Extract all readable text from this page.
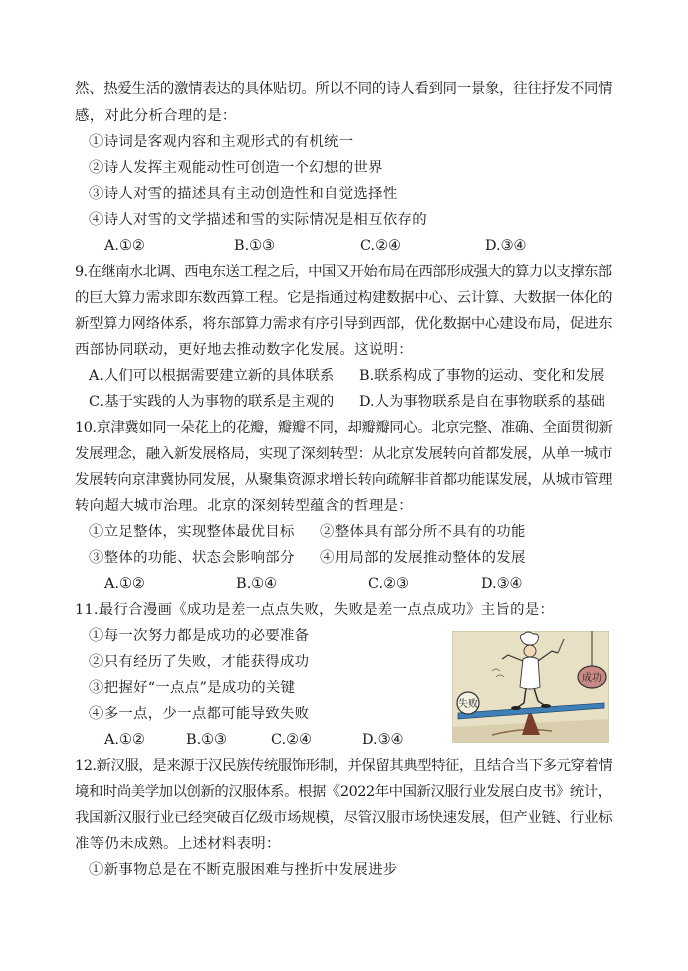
然、热爱生活的激情表达的具体贴切。所以不同的诗人看到同一景象，往往抒发不同情
感，对此分析合理的是：
①诗词是客观内容和主观形式的有机统一
②诗人发挥主观能动性可创造一个幻想的世界
③诗人对雪的描述具有主动创造性和自觉选择性
④诗人对雪的文学描述和雪的实际情况是相互依存的
A.①②	B.①③	C.②④	D.③④
9.在继南水北调、西电东送工程之后，中国又开始布局在西部形成强大的算力以支撑东部
的巨大算力需求即东数西算工程。它是指通过构建数据中心、云计算、大数据一体化的
新型算力网络体系，将东部算力需求有序引导到西部，优化数据中心建设布局，促进东
西部协同联动，更好地去推动数字化发展。这说明：
A.人们可以根据需要建立新的具体联系 B.联系构成了事物的运动、变化和发展
C.基于实践的人为事物的联系是主观的 D.人为事物联系是自在事物联系的基础
10.京津冀如同一朵花上的花瓣，瓣瓣不同，却瓣瓣同心。北京完整、准确、全面贯彻新
发展理念，融入新发展格局，实现了深刻转型：从北京发展转向首都发展，从单一城市
发展转向京津冀协同发展，从聚集资源求增长转向疏解非首都功能谋发展，从城市管理
转向超大城市治理。北京的深刻转型蕴含的哲理是：
①立足整体，实现整体最优目标 ②整体具有部分所不具有的功能
③整体的功能、状态会影响部分 ④用局部的发展推动整体的发展
A.①②	B.①④	C.②③	D.③④
11.最行合漫画《成功是差一点点失败，失败是差一点点成功》主旨的是：
①每一次努力都是成功的必要准备
②只有经历了失败，才能获得成功
③把握好“一点点”是成功的关键
④多一点，少一点都可能导致失败
A.①②	B.①③	C.②④	D.③④
失败
成功
12.新汉服，是来源于汉民族传统服饰形制，并保留其典型特征，且结合当下多元穿着情
境和时尚美学加以创新的汉服体系。根据《2022年中国新汉服行业发展白皮书》统计，
我国新汉服行业已经突破百亿级市场规模，尽管汉服市场快速发展，但产业链、行业标
准等仍未成熟。上述材料表明：
①新事物总是在不断克服困难与挫折中发展进步
